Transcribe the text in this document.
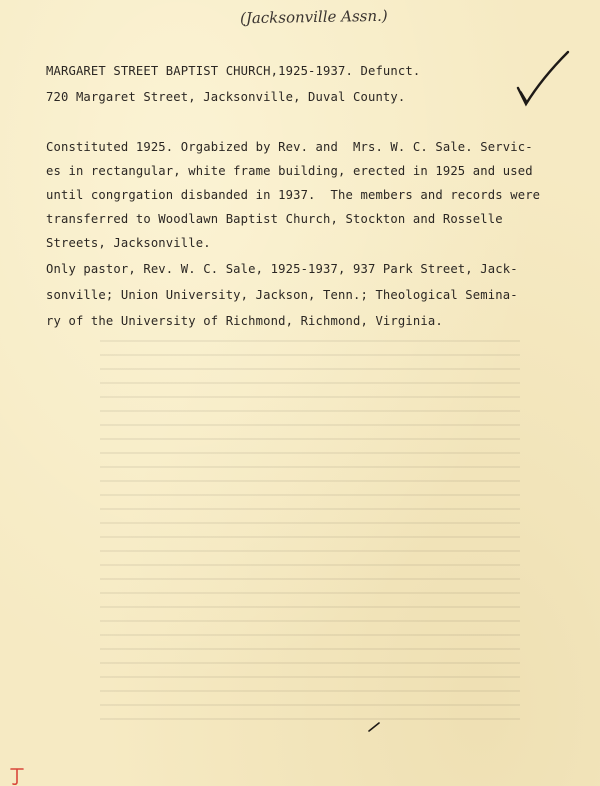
(Jacksonville Assn.)
MARGARET STREET BAPTIST CHURCH,1925-1937. Defunct.
720 Margaret Street, Jacksonville, Duval County.
Constituted 1925. Orgabized by Rev. and  Mrs. W. C. Sale. Servic-
es in rectangular, white frame building, erected in 1925 and used
until congrgation disbanded in 1937.  The members and records were
transferred to Woodlawn Baptist Church, Stockton and Rosselle
Streets, Jacksonville.
Only pastor, Rev. W. C. Sale, 1925-1937, 937 Park Street, Jack-
sonville; Union University, Jackson, Tenn.; Theological Semina-
ry of the University of Richmond, Richmond, Virginia.
